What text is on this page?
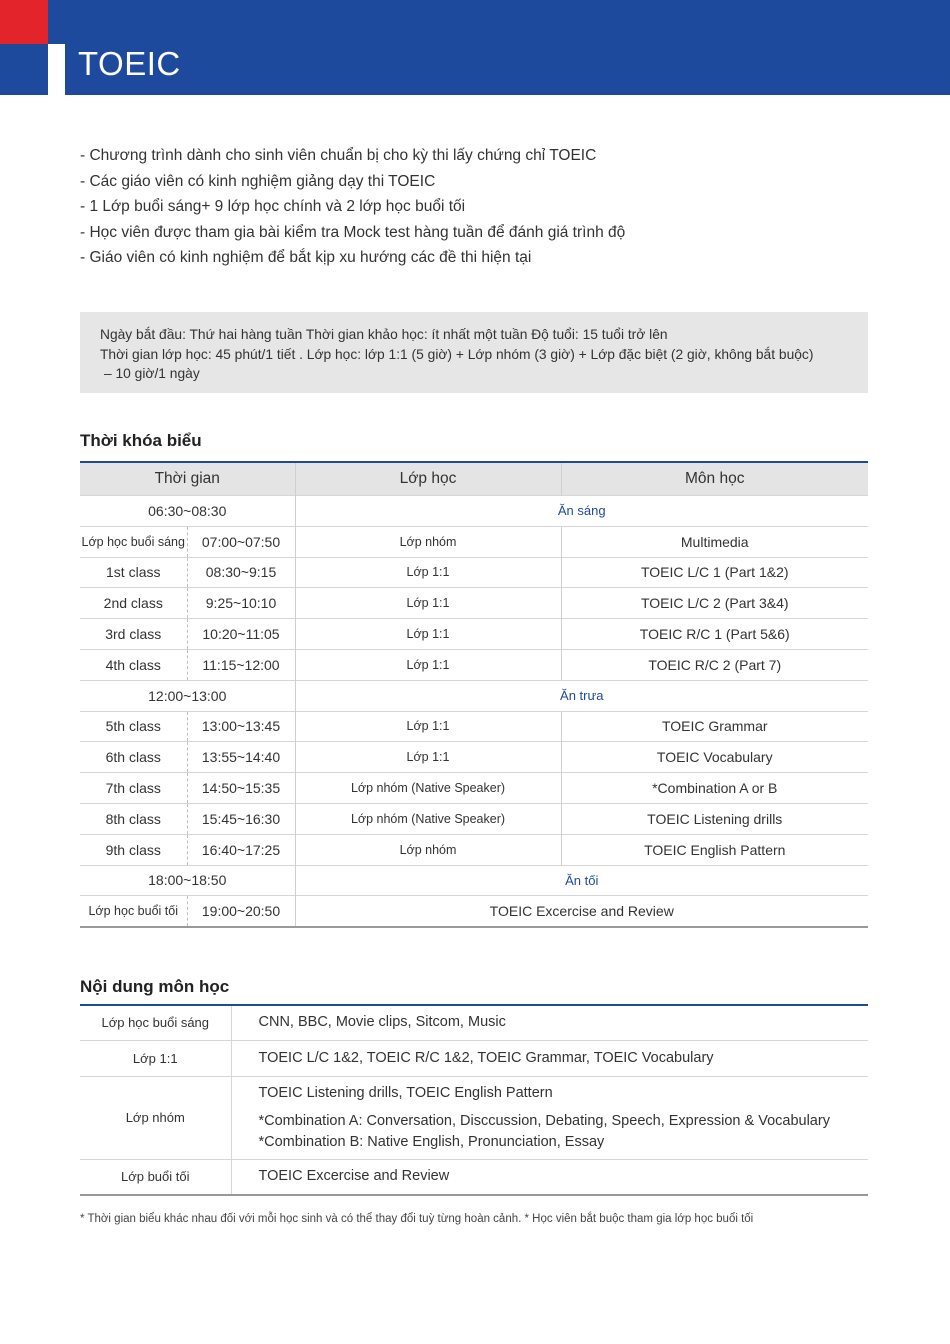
TOEIC
- Chương trình dành cho sinh viên chuẩn bị cho kỳ thi lấy chứng chỉ TOEIC
- Các giáo viên có kinh nghiệm giảng dạy thi TOEIC
- 1 Lớp buổi sáng+ 9 lớp học chính và 2 lớp học buổi tối
- Học viên được tham gia bài kiểm tra Mock test hàng tuần để đánh giá trình độ
- Giáo viên có kinh nghiệm để bắt kịp xu hướng các đề thi hiện tại
Ngày bắt đầu: Thứ hai hàng tuần Thời gian khảo học: ít nhất một tuần Độ tuổi: 15 tuổi trở lên
Thời gian lớp học: 45 phút/1 tiết . Lớp học: lớp 1:1 (5 giờ) + Lớp nhóm (3 giờ) + Lớp đặc biệt (2 giờ, không bắt buộc)
– 10 giờ/1 ngày
Thời khóa biểu
Thời gian		Lớp học	Môn học
06:30~08:30		Ăn sáng	
Lớp học buổi sáng	07:00~07:50	Lớp nhóm	Multimedia
1st class	08:30~9:15	Lớp 1:1	TOEIC L/C 1 (Part 1&2)
2nd class	9:25~10:10	Lớp 1:1	TOEIC L/C 2 (Part 3&4)
3rd class	10:20~11:05	Lớp 1:1	TOEIC R/C 1 (Part 5&6)
4th class	11:15~12:00	Lớp 1:1	TOEIC R/C 2 (Part 7)
12:00~13:00		Ăn trưa	
5th class	13:00~13:45	Lớp 1:1	TOEIC Grammar
6th class	13:55~14:40	Lớp 1:1	TOEIC Vocabulary
7th class	14:50~15:35	Lớp nhóm (Native Speaker)	*Combination A or B
8th class	15:45~16:30	Lớp nhóm (Native Speaker)	TOEIC Listening drills
9th class	16:40~17:25	Lớp nhóm	TOEIC English Pattern
18:00~18:50		Ăn tối	
Lớp học buổi tối	19:00~20:50	TOEIC Excercise and Review	
Nội dung môn học
Lớp học buổi sáng	CNN, BBC, Movie clips, Sitcom, Music

Lớp 1:1	TOEIC L/C 1&2, TOEIC R/C 1&2, TOEIC Grammar, TOEIC Vocabulary

Lớp nhóm	TOEIC Listening drills, TOEIC English Pattern
*Combination A: Conversation, Disccussion, Debating, Speech, Expression & Vocabulary
*Combination B: Native English, Pronunciation, Essay

Lớp buổi tối	TOEIC Excercise and Review
* Thời gian biểu khác nhau đối với mỗi học sinh và có thể thay đổi tuỳ từng hoàn cảnh. * Học viên bắt buộc tham gia lớp học buổi tối
